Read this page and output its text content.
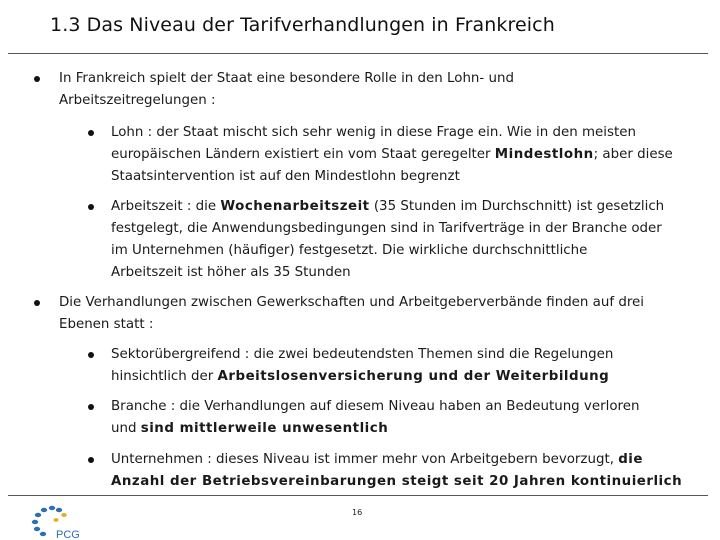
1.3 Das Niveau der Tarifverhandlungen in Frankreich
In Frankreich spielt der Staat eine besondere Rolle in den Lohn- und
Arbeitszeitregelungen :
Lohn : der Staat mischt sich sehr wenig in diese Frage ein. Wie in den meisten
europäischen Ländern existiert ein vom Staat geregelter Mindestlohn; aber diese
Staatsintervention ist auf den Mindestlohn begrenzt
Arbeitszeit : die Wochenarbeitszeit (35 Stunden im Durchschnitt) ist gesetzlich
festgelegt, die Anwendungsbedingungen sind in Tarifverträge in der Branche oder
im Unternehmen (häufiger) festgesetzt. Die wirkliche durchschnittliche
Arbeitszeit ist höher als 35 Stunden
Die Verhandlungen zwischen Gewerkschaften und Arbeitgeberverbände finden auf drei
Ebenen statt :
Sektorübergreifend : die zwei bedeutendsten Themen sind die Regelungen
hinsichtlich der Arbeitslosenversicherung und der Weiterbildung
Branche : die Verhandlungen auf diesem Niveau haben an Bedeutung verloren
und sind mittlerweile unwesentlich
Unternehmen : dieses Niveau ist immer mehr von Arbeitgebern bevorzugt, die
Anzahl der Betriebsvereinbarungen steigt seit 20 Jahren kontinuierlich
PCG
16
